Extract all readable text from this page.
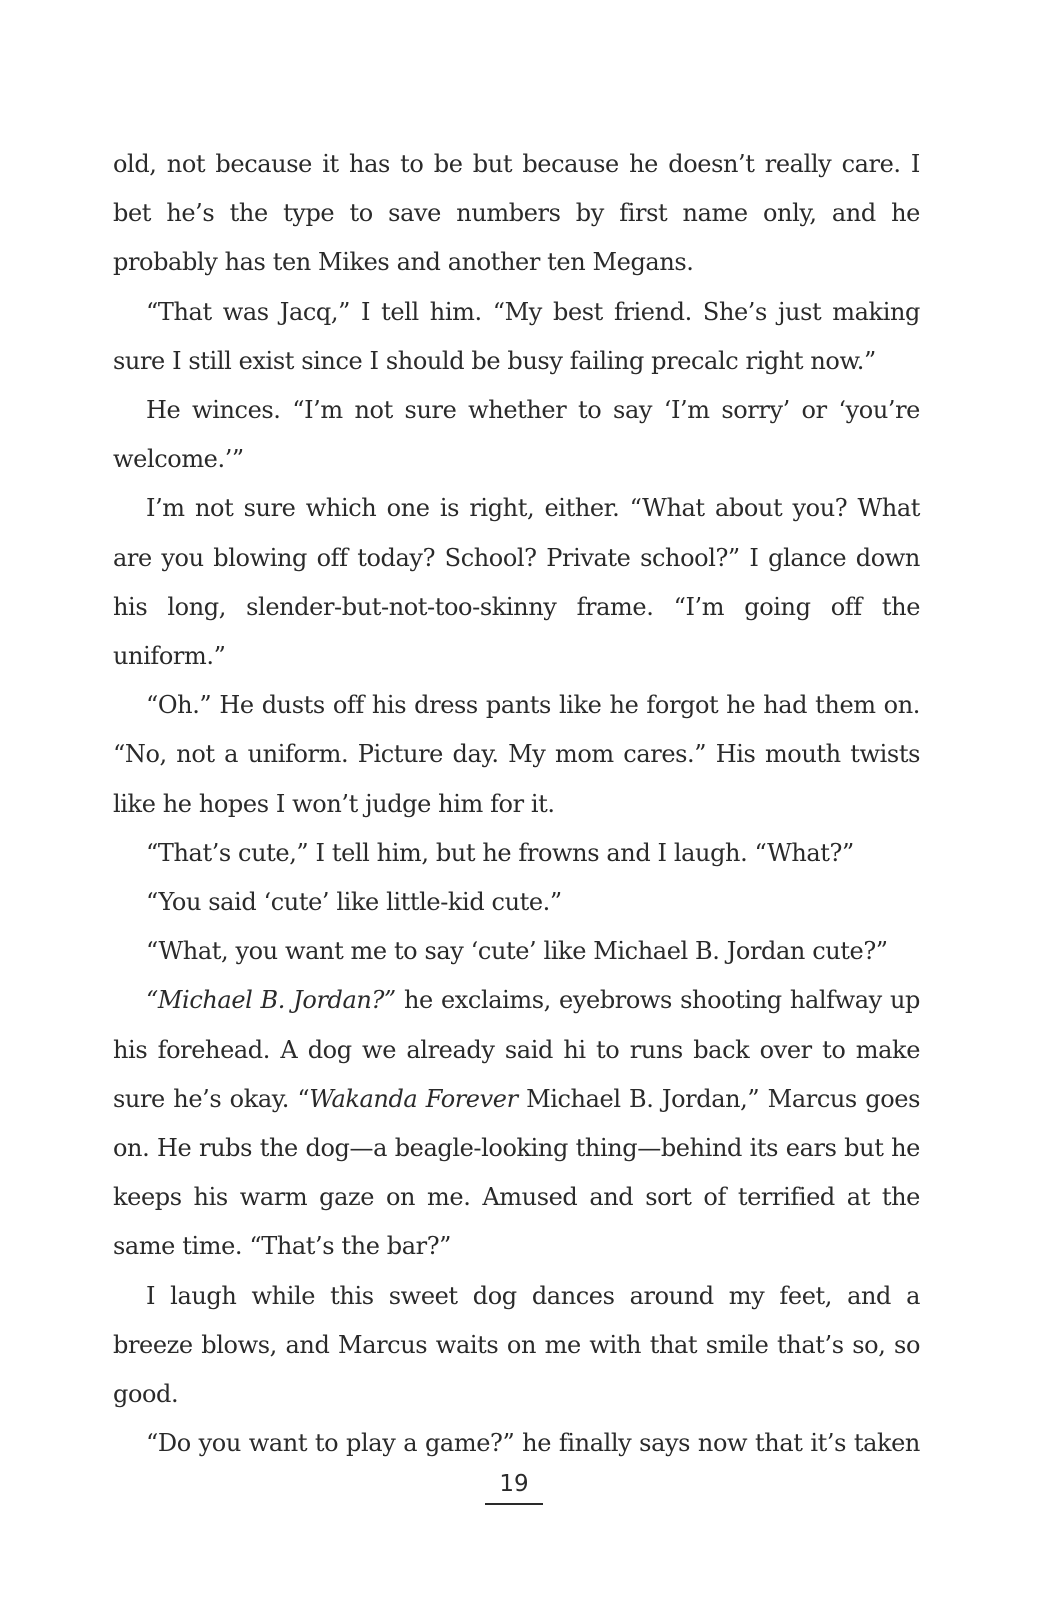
old, not because it has to be but because he doesn’t really care. I bet he’s the type to save numbers by first name only, and he probably has ten Mikes and another ten Megans.

“That was Jacq,” I tell him. “My best friend. She’s just making sure I still exist since I should be busy failing precalc right now.”

He winces. “I’m not sure whether to say ‘I’m sorry’ or ‘you’re welcome.’”

I’m not sure which one is right, either. “What about you? What are you blowing off today? School? Private school?” I glance down his long, slender-but-not-too-skinny frame. “I’m going off the uniform.”

“Oh.” He dusts off his dress pants like he forgot he had them on. “No, not a uniform. Picture day. My mom cares.” His mouth twists like he hopes I won’t judge him for it.

“That’s cute,” I tell him, but he frowns and I laugh. “What?”

“You said ‘cute’ like little-kid cute.”

“What, you want me to say ‘cute’ like Michael B. Jordan cute?”

“Michael B. Jordan?” he exclaims, eyebrows shooting halfway up his forehead. A dog we already said hi to runs back over to make sure he’s okay. “Wakanda Forever Michael B. Jordan,” Marcus goes on. He rubs the dog—a beagle-looking thing—behind its ears but he keeps his warm gaze on me. Amused and sort of terrified at the same time. “That’s the bar?”

I laugh while this sweet dog dances around my feet, and a breeze blows, and Marcus waits on me with that smile that’s so, so good.

“Do you want to play a game?” he finally says now that it’s taken

19
